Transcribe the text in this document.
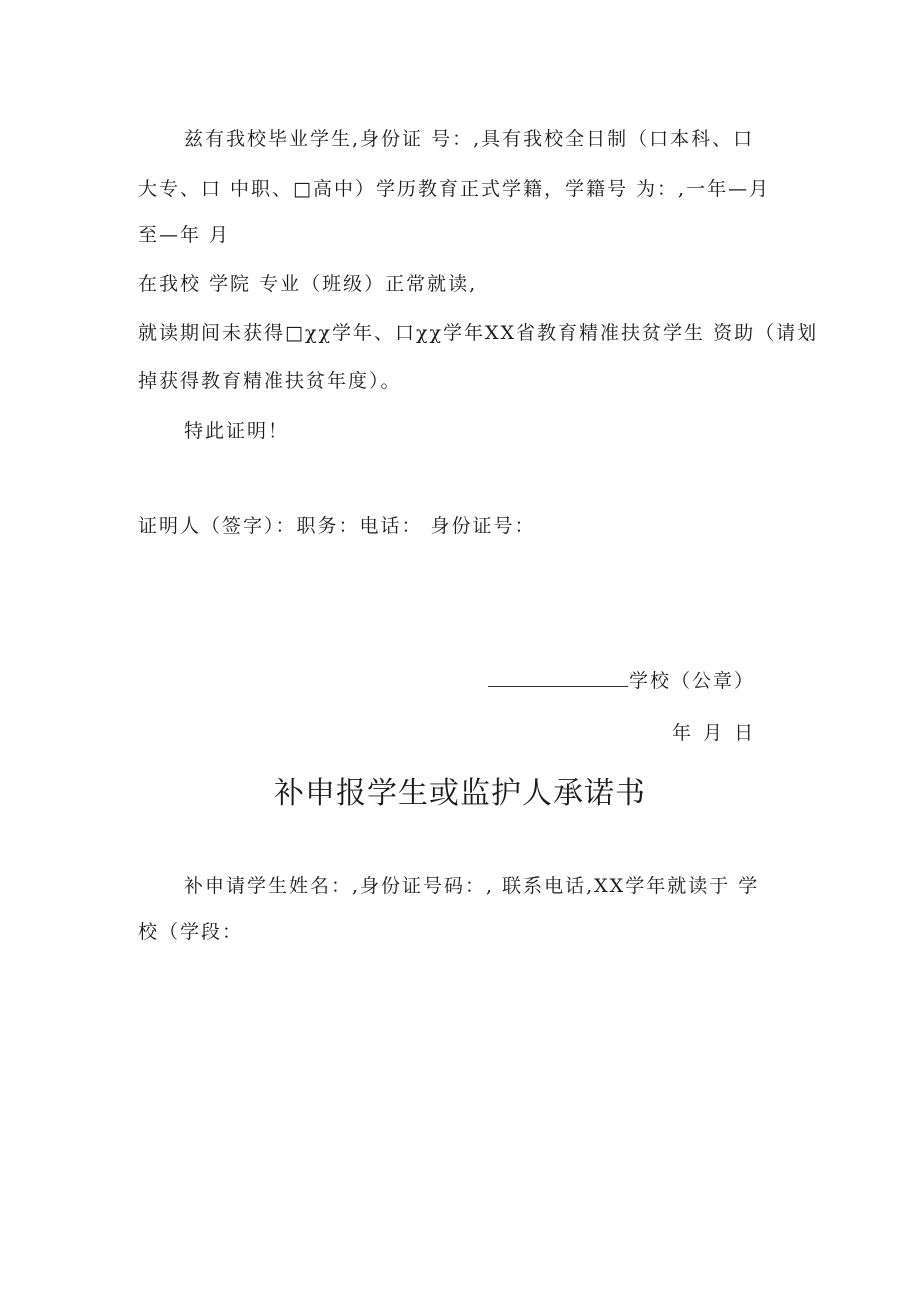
兹有我校毕业学生,身份证 号：,具有我校全日制（口本科、口
大专、口 中职、□高中）学历教育正式学籍，学籍号 为：,一年—月
至—年 月
在我校 学院 专业（班级）正常就读,
就读期间未获得□χχ学年、口χχ学年XX省教育精准扶贫学生 资助（请划
掉获得教育精准扶贫年度）。
特此证明！
证明人（签字）：职务：电话： 身份证号：
学校（公章）
年  月  日
补申报学生或监护人承诺书
补申请学生姓名：,身份证号码：, 联系电话,XX学年就读于 学
校（学段：
